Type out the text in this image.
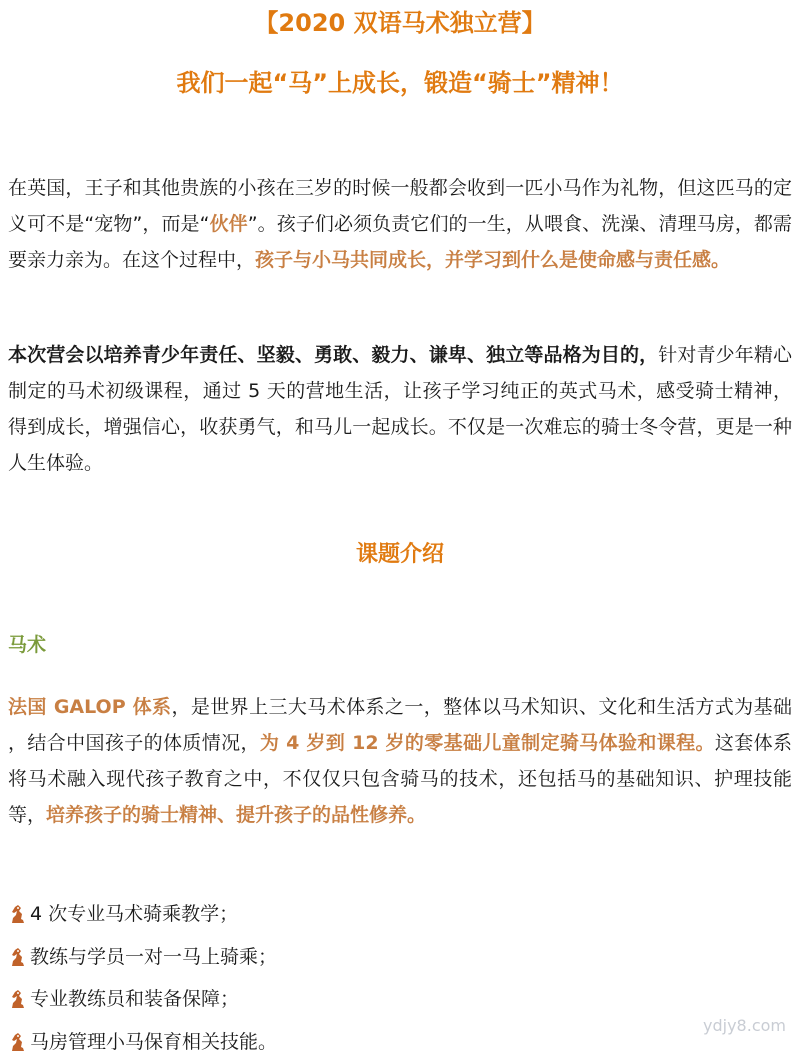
【2020 双语马术独立营】
我们一起“马”上成长，锻造“骑士”精神！

在英国，王子和其他贵族的小孩在三岁的时候一般都会收到一匹小马作为礼物，但这匹马的定义可不是“宠物”，而是“伙伴”。孩子们必须负责它们的一生，从喂食、洗澡、清理马房，都需要亲力亲为。在这个过程中，孩子与小马共同成长，并学习到什么是使命感与责任感。

本次营会以培养青少年责任、坚毅、勇敢、毅力、谦卑、独立等品格为目的，针对青少年精心制定的马术初级课程，通过 5 天的营地生活，让孩子学习纯正的英式马术，感受骑士精神，得到成长，增强信心，收获勇气，和马儿一起成长。不仅是一次难忘的骑士冬令营，更是一种人生体验。

课题介绍
马术

法国 GALOP 体系，是世界上三大马术体系之一，整体以马术知识、文化和生活方式为基础 ，结合中国孩子的体质情况，为 4 岁到 12 岁的零基础儿童制定骑马体验和课程。这套体系将马术融入现代孩子教育之中，不仅仅只包含骑马的技术，还包括马的基础知识、护理技能等，培养孩子的骑士精神、提升孩子的品性修养。

4 次专业马术骑乘教学；
教练与学员一对一马上骑乘；
专业教练员和装备保障；
马房管理小马保育相关技能。
ydjy8.com
